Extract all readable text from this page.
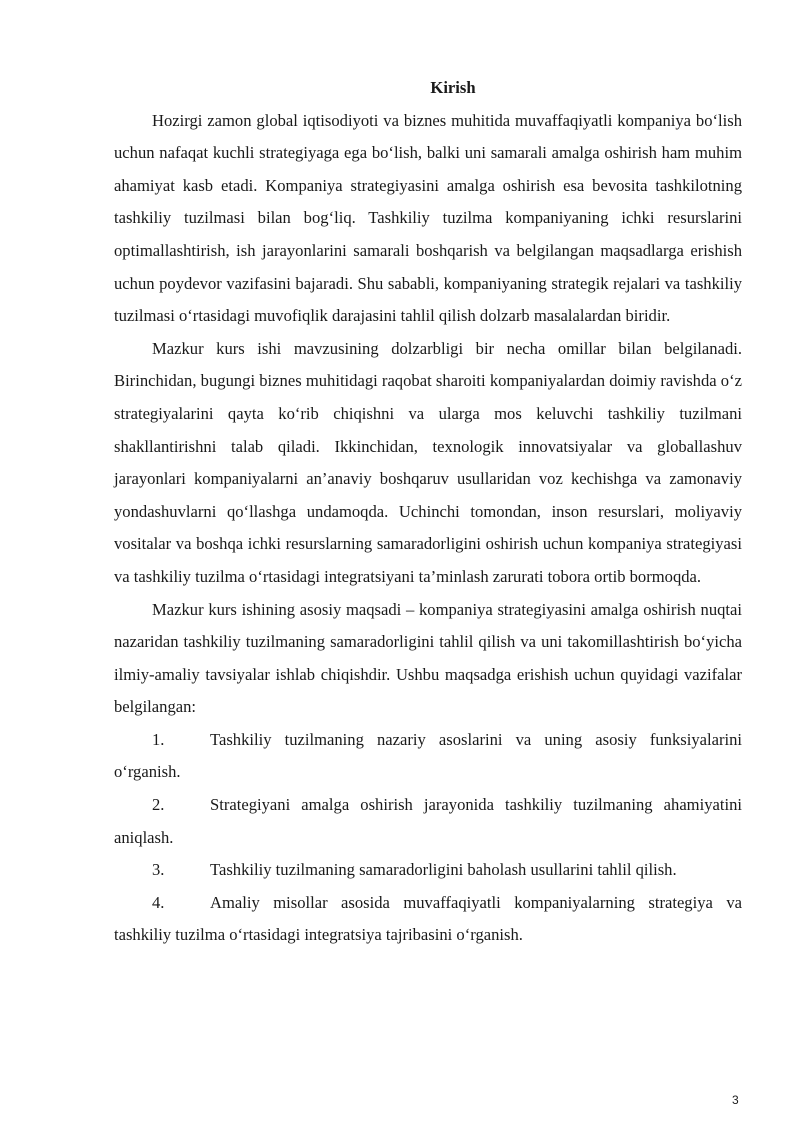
Kirish

Hozirgi zamon global iqtisodiyoti va biznes muhitida muvaffaqiyatli kompaniya bo‘lish uchun nafaqat kuchli strategiyaga ega bo‘lish, balki uni samarali amalga oshirish ham muhim ahamiyat kasb etadi. Kompaniya strategiyasini amalga oshirish esa bevosita tashkilotning tashkiliy tuzilmasi bilan bog‘liq. Tashkiliy tuzilma kompaniyaning ichki resurslarini optimallashtirish, ish jarayonlarini samarali boshqarish va belgilangan maqsadlarga erishish uchun poydevor vazifasini bajaradi. Shu sababli, kompaniyaning strategik rejalari va tashkiliy tuzilmasi o‘rtasidagi muvofiqlik darajasini tahlil qilish dolzarb masalalardan biridir.

Mazkur kurs ishi mavzusining dolzarbligi bir necha omillar bilan belgilanadi. Birinchidan, bugungi biznes muhitidagi raqobat sharoiti kompaniyalardan doimiy ravishda o‘z strategiyalarini qayta ko‘rib chiqishni va ularga mos keluvchi tashkiliy tuzilmani shakllantirishni talab qiladi. Ikkinchidan, texnologik innovatsiyalar va globallashuv jarayonlari kompaniyalarni an’anaviy boshqaruv usullaridan voz kechishga va zamonaviy yondashuvlarni qo‘llashga undamoqda. Uchinchi tomondan, inson resurslari, moliyaviy vositalar va boshqa ichki resurslarning samaradorligini oshirish uchun kompaniya strategiyasi va tashkiliy tuzilma o‘rtasidagi integratsiyani ta’minlash zarurati tobora ortib bormoqda.

Mazkur kurs ishining asosiy maqsadi – kompaniya strategiyasini amalga oshirish nuqtai nazaridan tashkiliy tuzilmaning samaradorligini tahlil qilish va uni takomillashtirish bo‘yicha ilmiy-amaliy tavsiyalar ishlab chiqishdir. Ushbu maqsadga erishish uchun quyidagi vazifalar belgilangan:

1.	Tashkiliy tuzilmaning nazariy asoslarini va uning asosiy funksiyalarini o‘rganish.

2.	Strategiyani amalga oshirish jarayonida tashkiliy tuzilmaning ahamiyatini aniqlash.

3.	Tashkiliy tuzilmaning samaradorligini baholash usullarini tahlil qilish.

4.	Amaliy misollar asosida muvaffaqiyatli kompaniyalarning strategiya va tashkiliy tuzilma o‘rtasidagi integratsiya tajribasini o‘rganish.

3
